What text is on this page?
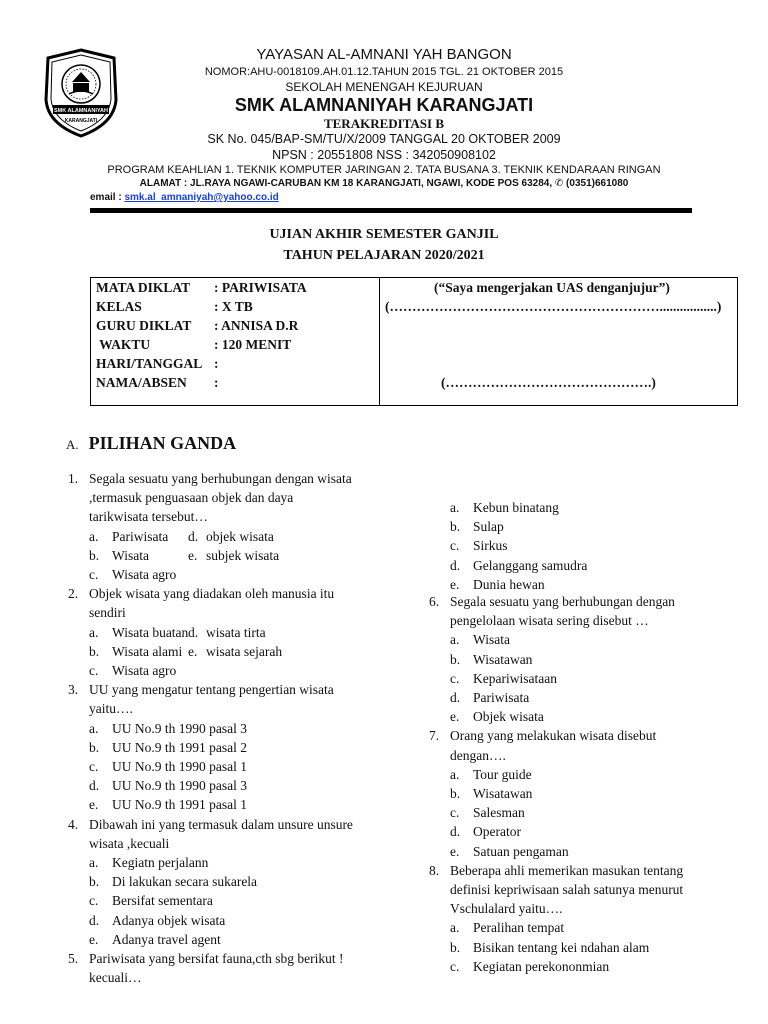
SMK ALAMNANIYAH
KARANGJATI
YAYASAN AL-AMNANI YAH BANGON
NOMOR:AHU-0018109.AH.01.12.TAHUN 2015 TGL. 21 OKTOBER 2015
SEKOLAH MENENGAH KEJURUAN
SMK ALAMNANIYAH KARANGJATI
TERAKREDITASI B
SK No. 045/BAP-SM/TU/X/2009 TANGGAL 20 OKTOBER 2009
NPSN : 20551808 NSS : 342050908102
PROGRAM KEAHLIAN 1. TEKNIK KOMPUTER JARINGAN 2. TATA BUSANA 3. TEKNIK KENDARAAN RINGAN
ALAMAT : JL.RAYA NGAWI-CARUBAN KM 18 KARANGJATI, NGAWI, KODE POS 63284, ✆ (0351)661080
email : smk.al_amnaniyah@yahoo.co.id
UJIAN AKHIR SEMESTER GANJIL
TAHUN PELAJARAN 2020/2021
MATA DIKLAT : PARIWISATA
KELAS	: X TB
GURU DIKLAT : ANNISA D.R
WAKTU	: 120 MENIT
HARI/TANGGAL :
NAMA/ABSEN :
(“Saya mengerjakan UAS denganjujur”)
(…………………………………………………….................)
(……………………………………….)
A. PILIHAN GANDA
1. Segala sesuatu yang berhubungan dengan wisata
,termasuk penguasaan objek dan daya
tarikwisata tersebut…
a. Pariwisata d. objek wisata
b. Wisata	e. subjek wisata
c. Wisata agro
2. Objek wisata yang diadakan oleh manusia itu
sendiri
a. Wisata buatan d. wisata tirta
b. Wisata alami e. wisata sejarah
c. Wisata agro
3. UU yang mengatur tentang pengertian wisata
yaitu….
a. UU No.9 th 1990 pasal 3
b. UU No.9 th 1991 pasal 2
c. UU No.9 th 1990 pasal 1
d. UU No.9 th 1990 pasal 3
e. UU No.9 th 1991 pasal 1
4. Dibawah ini yang termasuk dalam unsure unsure
wisata ,kecuali
a. Kegiatn perjalann
b. Di lakukan secara sukarela
c. Bersifat sementara
d. Adanya objek wisata
e. Adanya travel agent
5. Pariwisata yang bersifat fauna,cth sbg berikut !
kecuali…
a. Kebun binatang
b. Sulap
c. Sirkus
d. Gelanggang samudra
e. Dunia hewan
6. Segala sesuatu yang berhubungan dengan
pengelolaan wisata sering disebut …
a. Wisata
b. Wisatawan
c. Kepariwisataan
d. Pariwisata
e. Objek wisata
7. Orang yang melakukan wisata disebut
dengan….
a. Tour guide
b. Wisatawan
c. Salesman
d. Operator
e. Satuan pengaman
8. Beberapa ahli memerikan masukan tentang
definisi kepriwisaan salah satunya menurut
Vschulalard yaitu….
a. Peralihan tempat
b. Bisikan tentang kei ndahan alam
c. Kegiatan perekononmian
